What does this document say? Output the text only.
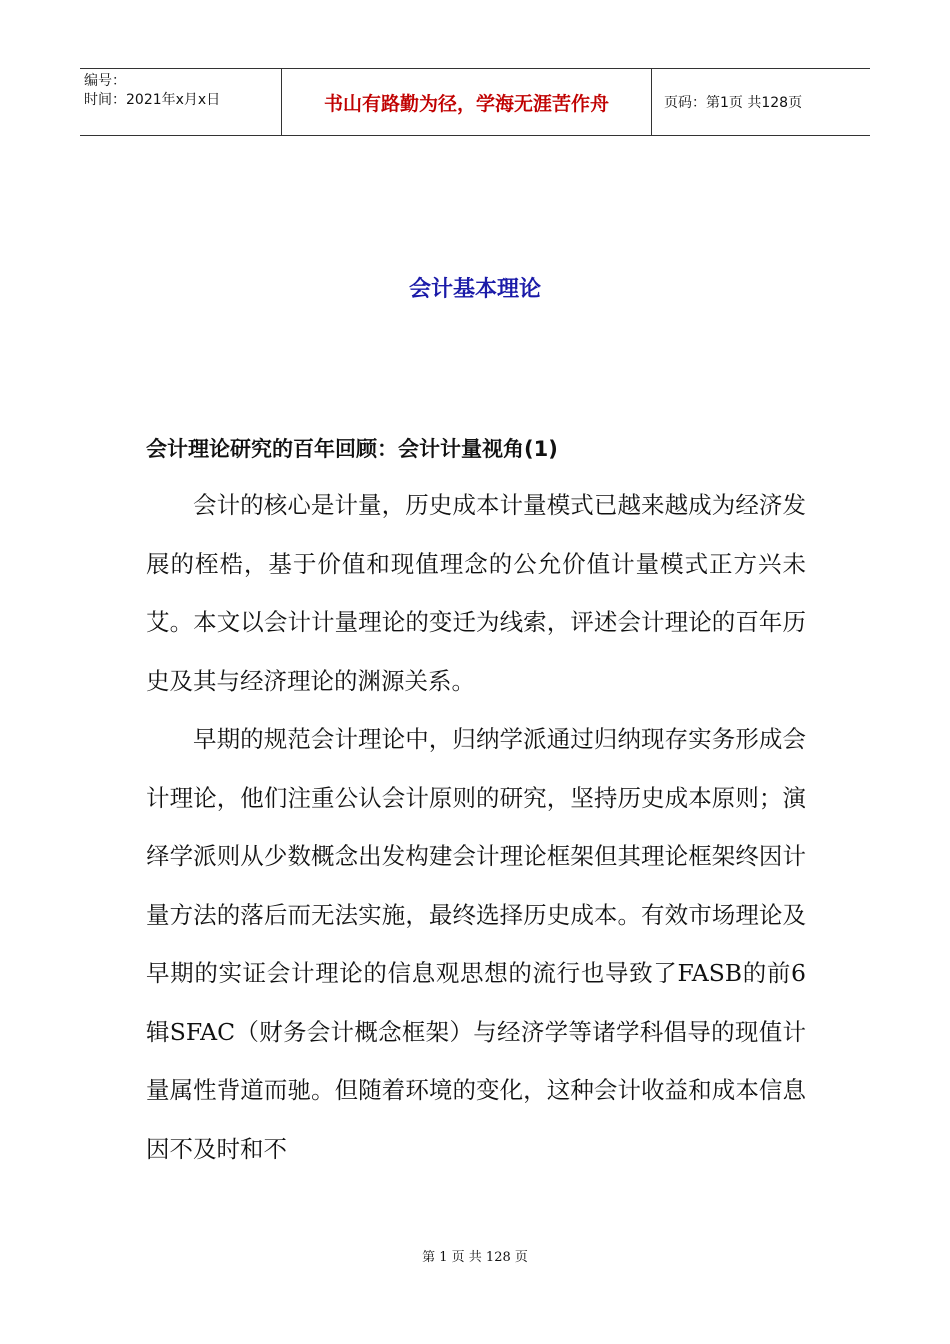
编号：
时间：2021年x月x日	书山有路勤为径，学海无涯苦作舟	页码：第1页 共128页
会计基本理论
会计理论研究的百年回顾：会计计量视角(1)

会计的核心是计量，历史成本计量模式已越来越成为经济发展的桎梏，基于价值和现值理念的公允价值计量模式正方兴未艾。本文以会计计量理论的变迁为线索，评述会计理论的百年历史及其与经济理论的渊源关系。

早期的规范会计理论中，归纳学派通过归纳现存实务形成会计理论，他们注重公认会计原则的研究，坚持历史成本原则；演绎学派则从少数概念出发构建会计理论框架但其理论框架终因计量方法的落后而无法实施，最终选择历史成本。有效市场理论及早期的实证会计理论的信息观思想的流行也导致了FASB的前6辑SFAC（财务会计概念框架）与经济学等诸学科倡导的现值计量属性背道而驰。但随着环境的变化，这种会计收益和成本信息因不及时和不

第 1 页 共 128 页
